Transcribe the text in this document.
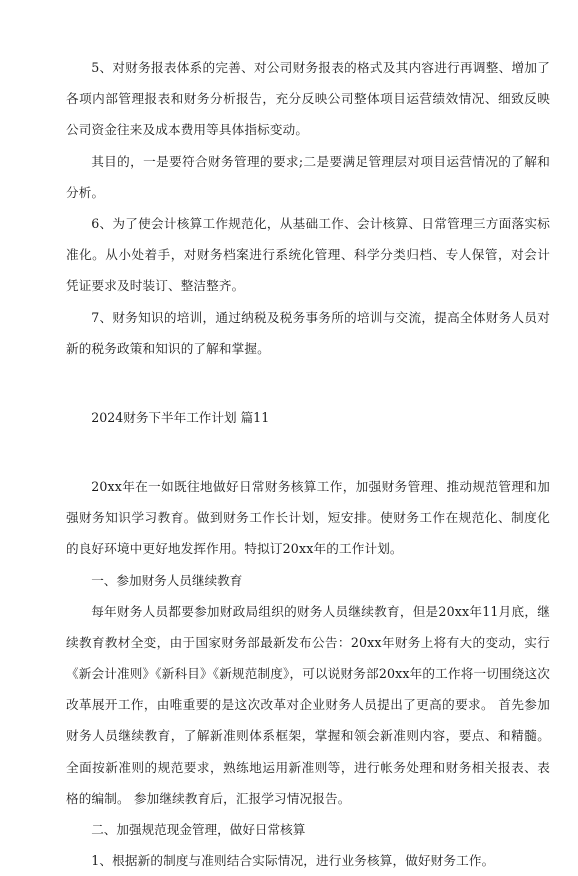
5、对财务报表体系的完善、对公司财务报表的格式及其内容进行再调整、增加了各项内部管理报表和财务分析报告，充分反映公司整体项目运营绩效情况、细致反映公司资金往来及成本费用等具体指标变动。

其目的，一是要符合财务管理的要求;二是要满足管理层对项目运营情况的了解和分析。

6、为了使会计核算工作规范化，从基础工作、会计核算、日常管理三方面落实标准化。从小处着手，对财务档案进行系统化管理、科学分类归档、专人保管，对会计凭证要求及时装订、整洁整齐。

7、财务知识的培训，通过纳税及税务事务所的培训与交流，提高全体财务人员对新的税务政策和知识的了解和掌握。

2024财务下半年工作计划 篇11

20xx年在一如既往地做好日常财务核算工作，加强财务管理、推动规范管理和加强财务知识学习教育。做到财务工作长计划，短安排。使财务工作在规范化、制度化的良好环境中更好地发挥作用。特拟订20xx年的工作计划。

一、参加财务人员继续教育

每年财务人员都要参加财政局组织的财务人员继续教育，但是20xx年11月底，继续教育教材全变，由于国家财务部最新发布公告：20xx年财务上将有大的变动，实行《新会计准则》《新科目》《新规范制度》，可以说财务部20xx年的工作将一切围绕这次改革展开工作，由唯重要的是这次改革对企业财务人员提出了更高的要求。 首先参加财务人员继续教育，了解新准则体系框架，掌握和领会新准则内容，要点、和精髓。全面按新准则的规范要求，熟练地运用新准则等，进行帐务处理和财务相关报表、表格的编制。 参加继续教育后，汇报学习情况报告。

二、加强规范现金管理，做好日常核算

1、根据新的制度与准则结合实际情况，进行业务核算，做好财务工作。
